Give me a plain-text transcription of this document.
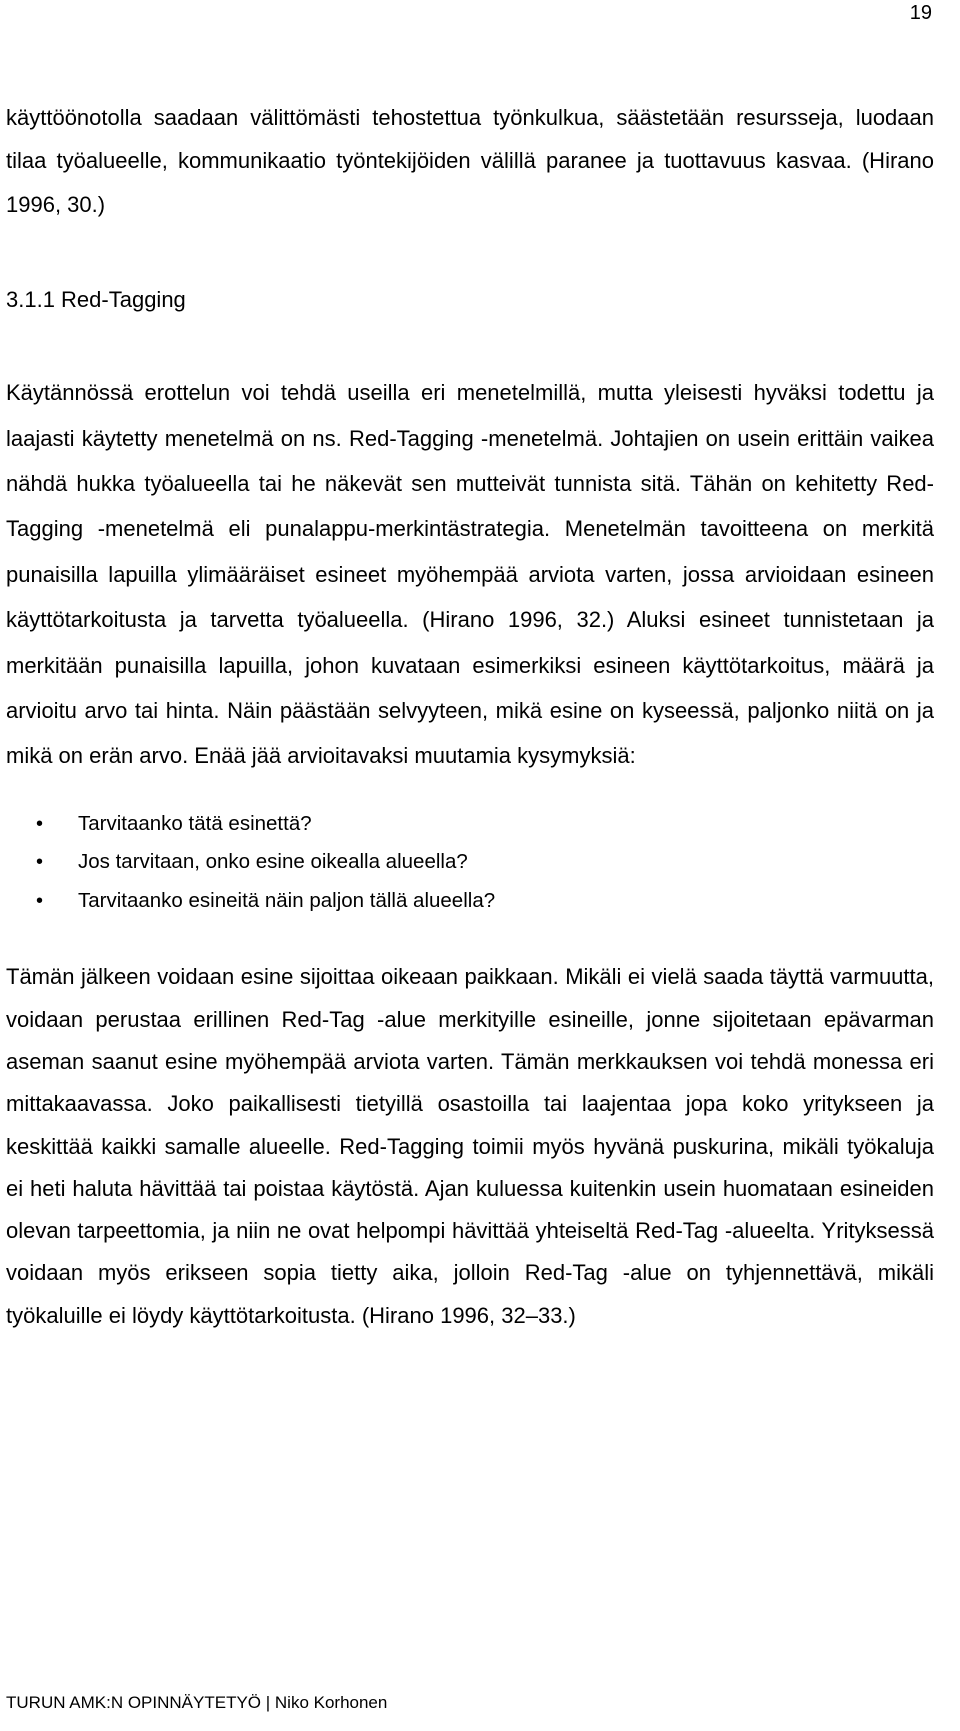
19

käyttöönotolla saadaan välittömästi tehostettua työnkulkua, säästetään resursseja, luodaan tilaa työalueelle, kommunikaatio työntekijöiden välillä paranee ja tuottavuus kasvaa. (Hirano 1996, 30.)

3.1.1 Red-Tagging

Käytännössä erottelun voi tehdä useilla eri menetelmillä, mutta yleisesti hyväksi todettu ja laajasti käytetty menetelmä on ns. Red-Tagging -menetelmä. Johtajien on usein erittäin vaikea nähdä hukka työalueella tai he näkevät sen mutteivät tunnista sitä. Tähän on kehitetty Red-Tagging -menetelmä eli punalappu-merkintästrategia. Menetelmän tavoitteena on merkitä punaisilla lapuilla ylimääräiset esineet myöhempää arviota varten, jossa arvioidaan esineen käyttötarkoitusta ja tarvetta työalueella. (Hirano 1996, 32.) Aluksi esineet tunnistetaan ja merkitään punaisilla lapuilla, johon kuvataan esimerkiksi esineen käyttötarkoitus, määrä ja arvioitu arvo tai hinta. Näin päästään selvyyteen, mikä esine on kyseessä, paljonko niitä on ja mikä on erän arvo. Enää jää arvioitavaksi muutamia kysymyksiä:

• Tarvitaanko tätä esinettä?
• Jos tarvitaan, onko esine oikealla alueella?
• Tarvitaanko esineitä näin paljon tällä alueella?

Tämän jälkeen voidaan esine sijoittaa oikeaan paikkaan. Mikäli ei vielä saada täyttä varmuutta, voidaan perustaa erillinen Red-Tag -alue merkityille esineille, jonne sijoitetaan epävarman aseman saanut esine myöhempää arviota varten. Tämän merkkauksen voi tehdä monessa eri mittakaavassa. Joko paikallisesti tietyillä osastoilla tai laajentaa jopa koko yritykseen ja keskittää kaikki samalle alueelle. Red-Tagging toimii myös hyvänä puskurina, mikäli työkaluja ei heti haluta hävittää tai poistaa käytöstä. Ajan kuluessa kuitenkin usein huomataan esineiden olevan tarpeettomia, ja niin ne ovat helpompi hävittää yhteiseltä Red-Tag -alueelta. Yrityksessä voidaan myös erikseen sopia tietty aika, jolloin Red-Tag -alue on tyhjennettävä, mikäli työkaluille ei löydy käyttötarkoitusta. (Hirano 1996, 32–33.)

TURUN AMK:N OPINNÄYTETYÖ | Niko Korhonen
